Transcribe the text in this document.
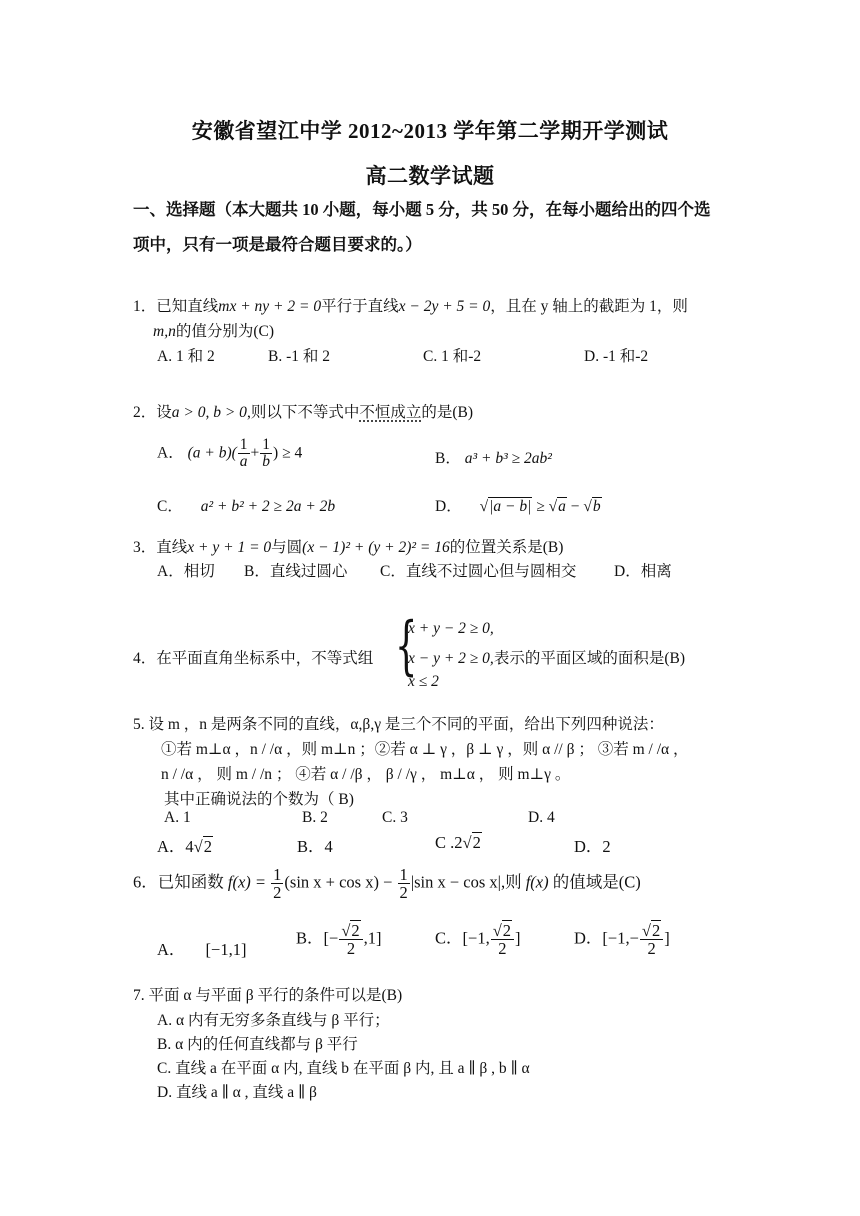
安徽省望江中学 2012~2013 学年第二学期开学测试
高二数学试题
一、选择题（本大题共 10 小题，每小题 5 分，共 50 分，在每小题给出的四个选
项中，只有一项是最符合题目要求的。）
1．已知直线mx + ny + 2 = 0平行于直线x − 2y + 5 = 0，且在 y 轴上的截距为 1，则
m,n的值分别为(C)
A. 1 和 2	B. -1 和 2	C. 1 和-2	D. -1 和-2
2．设a > 0, b > 0,则以下不等式中不恒成立的是(B)
A． $(a + b)( \frac{1}{a} + \frac{1}{b}$ ) ≥ 4	B． a³ + b³ ≥ 2ab²
C． a² + b² + 2 ≥ 2a + 2b	D． √|a − b| ≥ √a − √b
3．直线x + y + 1 = 0与圆(x − 1)² + (y + 2)² = 16的位置关系是(B)
A．相切 B．直线过圆心 C．直线不过圆心但与圆相交 D．相离
4．在平面直角坐标系中，不等式组 {
x + y − 2 ≥ 0,
x − y + 2 ≥ 0,表示的平面区域的面积是(B)
x ≤ 2
5. 设 m ，n 是两条不同的直线，α,β,γ 是三个不同的平面，给出下列四种说法：
①若 m⊥α ，n / /α ，则 m⊥n ；②若 α ⊥ γ ，β ⊥ γ ，则 α // β ； ③若 m / /α ，
n / /α ， 则 m / /n ； ④若 α / /β ， β / /γ ， m⊥α ， 则 m⊥γ 。
其中正确说法的个数为（ B)
A. 1	B. 2	C. 3	D. 4
A．4√2	B．4	C .2√2	D．2
6．已知函数 $f(x) = \frac{1}{2} (\sin$ $x + \cos x) - \frac{1}{2} |\sin$ x − cos x|,则 f(x) 的值域是(C)
A． [−1,1]
B．[− $\frac{√2}{2} ,1$]	C．[−1, $\frac{√2}{2}$ ]	D．[$-1,- \frac{√2}{2}$ ]
7. 平面 α 与平面 β 平行的条件可以是(B)
A. α 内有无穷多条直线与 β 平行；
B. α 内的任何直线都与 β 平行
C. 直线 a 在平面 α 内, 直线 b 在平面 β 内, 且 a ∥ β , b ∥ α
D. 直线 a ∥ α , 直线 a ∥ β
